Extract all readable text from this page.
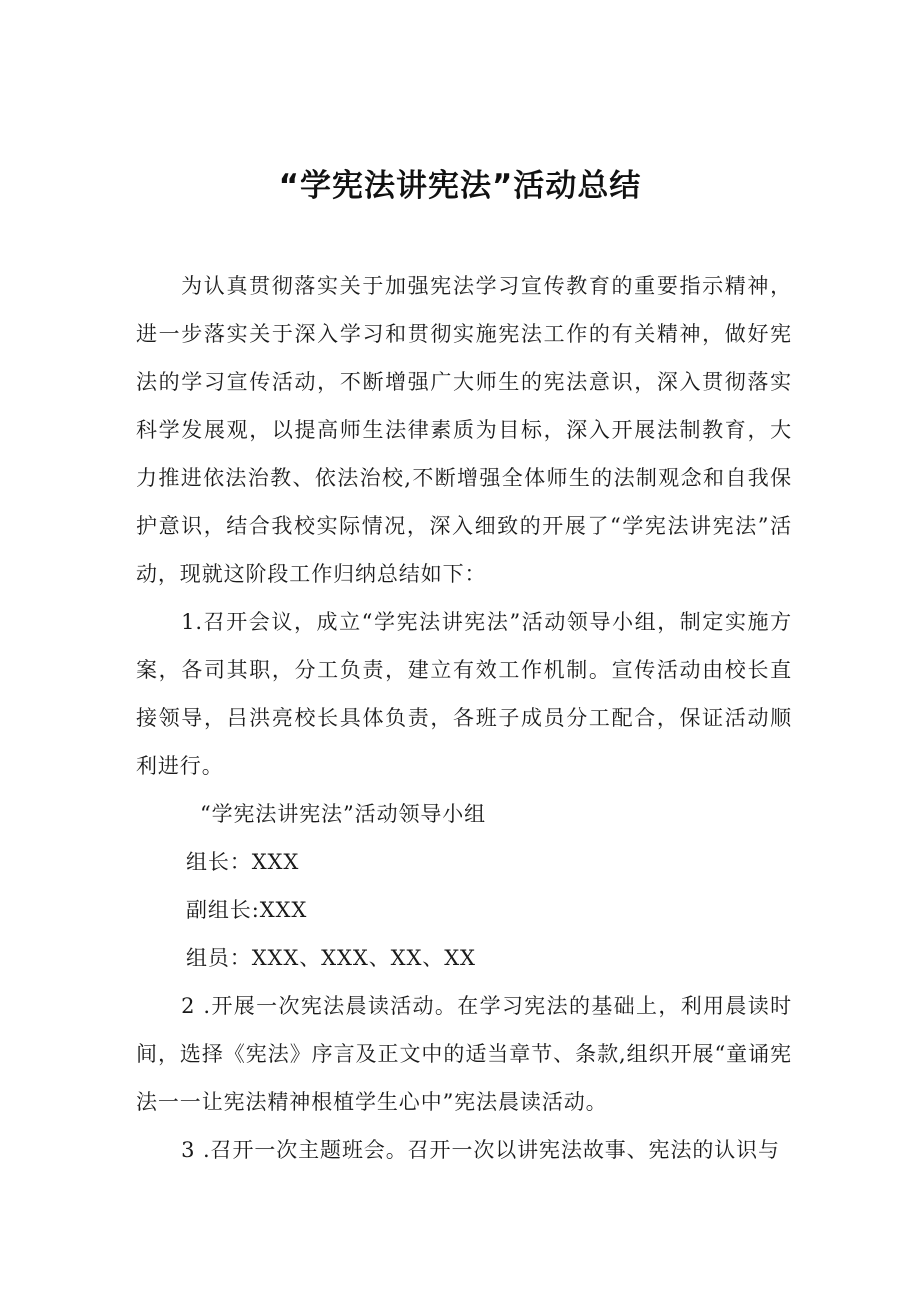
“学宪法讲宪法”活动总结

为认真贯彻落实关于加强宪法学习宣传教育的重要指示精神，进一步落实关于深入学习和贯彻实施宪法工作的有关精神，做好宪法的学习宣传活动，不断增强广大师生的宪法意识，深入贯彻落实科学发展观，以提高师生法律素质为目标，深入开展法制教育，大力推进依法治教、依法治校,不断增强全体师生的法制观念和自我保护意识，结合我校实际情况，深入细致的开展了“学宪法讲宪法”活动，现就这阶段工作归纳总结如下：

1.召开会议，成立“学宪法讲宪法”活动领导小组，制定实施方案，各司其职，分工负责，建立有效工作机制。宣传活动由校长直接领导，吕洪亮校长具体负责，各班子成员分工配合，保证活动顺利进行。

“学宪法讲宪法”活动领导小组

组长：XXX

副组长:XXX

组员：XXX、XXX、XX、XX

2 .开展一次宪法晨读活动。在学习宪法的基础上，利用晨读时间，选择《宪法》序言及正文中的适当章节、条款,组织开展“童诵宪法一一让宪法精神根植学生心中”宪法晨读活动。

3 .召开一次主题班会。召开一次以讲宪法故事、宪法的认识与
